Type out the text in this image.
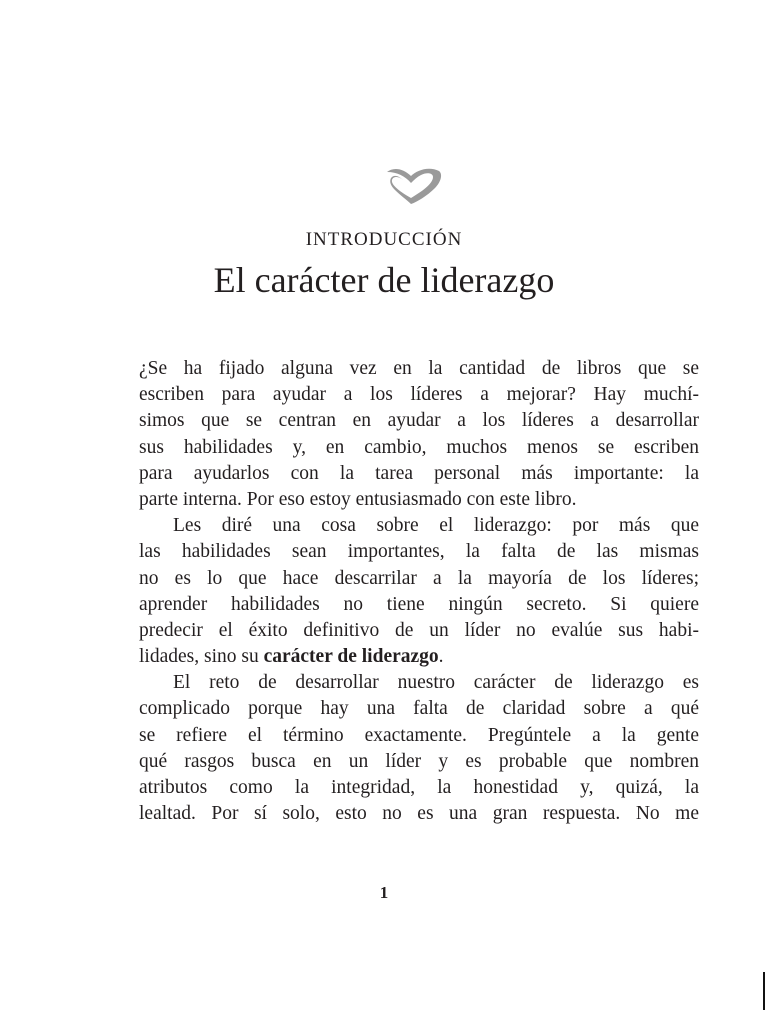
INTRODUCCIÓN
El carácter de liderazgo
¿Se ha fijado alguna vez en la cantidad de libros que se
escriben para ayudar a los líderes a mejorar? Hay muchí-
simos que se centran en ayudar a los líderes a desarrollar
sus habilidades y, en cambio, muchos menos se escriben
para ayudarlos con la tarea personal más importante: la
parte interna. Por eso estoy entusiasmado con este libro.
Les diré una cosa sobre el liderazgo: por más que
las habilidades sean importantes, la falta de las mismas
no es lo que hace descarrilar a la mayoría de los líderes;
aprender habilidades no tiene ningún secreto. Si quiere
predecir el éxito definitivo de un líder no evalúe sus habi-
lidades, sino su carácter de liderazgo.
El reto de desarrollar nuestro carácter de liderazgo es
complicado porque hay una falta de claridad sobre a qué
se refiere el término exactamente. Pregúntele a la gente
qué rasgos busca en un líder y es probable que nombren
atributos como la integridad, la honestidad y, quizá, la
lealtad. Por sí solo, esto no es una gran respuesta. No me
1
